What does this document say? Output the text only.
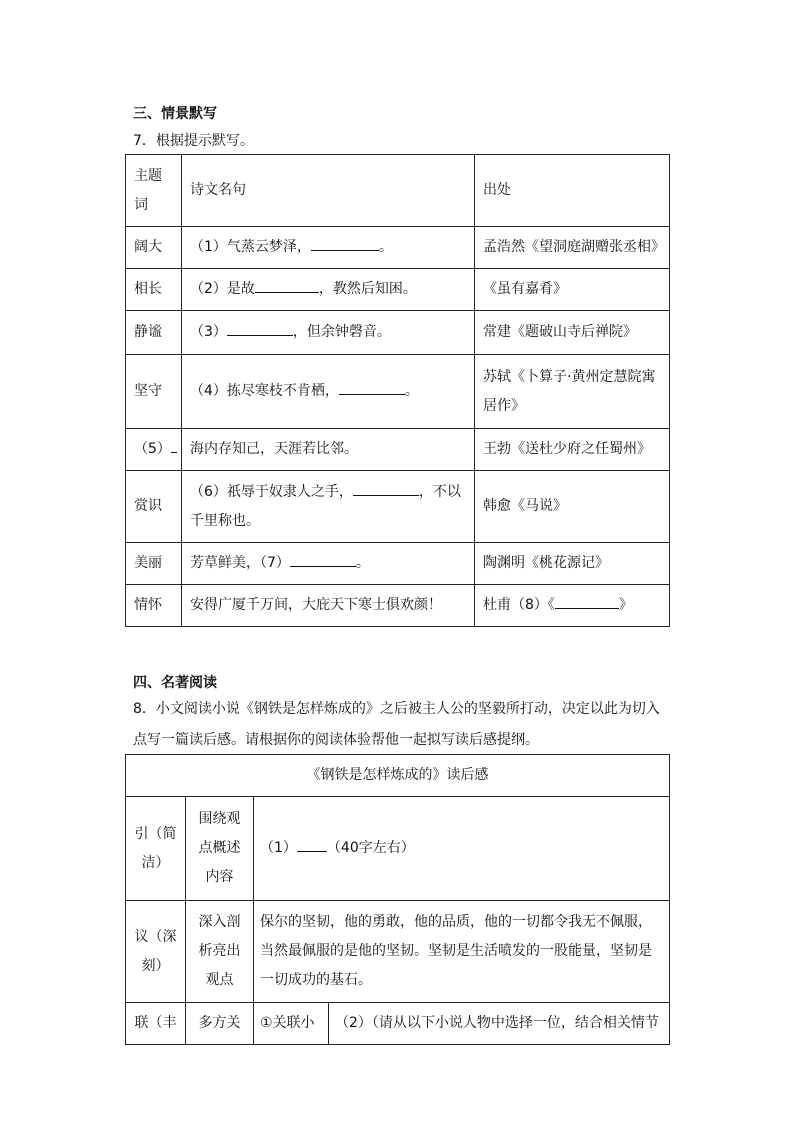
三、情景默写
7．根据提示默写。
主题词	诗文名句	出处
阔大	（1）气蒸云梦泽， 。	孟浩然《望洞庭湖赠张丞相》
相长	（2）是故 ，教然后知困。	《虽有嘉肴》
静谧	（3） ，但余钟磬音。	常建《题破山寺后禅院》
坚守	（4）拣尽寒枝不肯栖， 。	苏轼《卜算子·黄州定慧院寓居作》
（5）	海内存知己，天涯若比邻。	王勃《送杜少府之任蜀州》
赏识	（6）祇辱于奴隶人之手， ，不以千里称也。	韩愈《马说》
美丽	芳草鲜美，（7） 。	陶渊明《桃花源记》
情怀	安得广厦千万间，大庇天下寒士俱欢颜！	杜甫（8）《 》
四、名著阅读
8．小文阅读小说《钢铁是怎样炼成的》之后被主人公的坚毅所打动，决定以此为切入
点写一篇读后感。请根据你的阅读体验帮他一起拟写读后感提纲。
《钢铁是怎样炼成的》读后感			
引（简洁）	围绕观点概述内容	（1） （40字左右）	
议（深刻）	深入剖析亮出观点	保尔的坚韧，他的勇敢，他的品质，他的一切都令我无不佩服，当然最佩服的是他的坚韧。坚韧是生活喷发的一股能量，坚韧是一切成功的基石。	
联（丰	多方关	①关联小	（2）（请从以下小说人物中选择一位，结合相关情节
